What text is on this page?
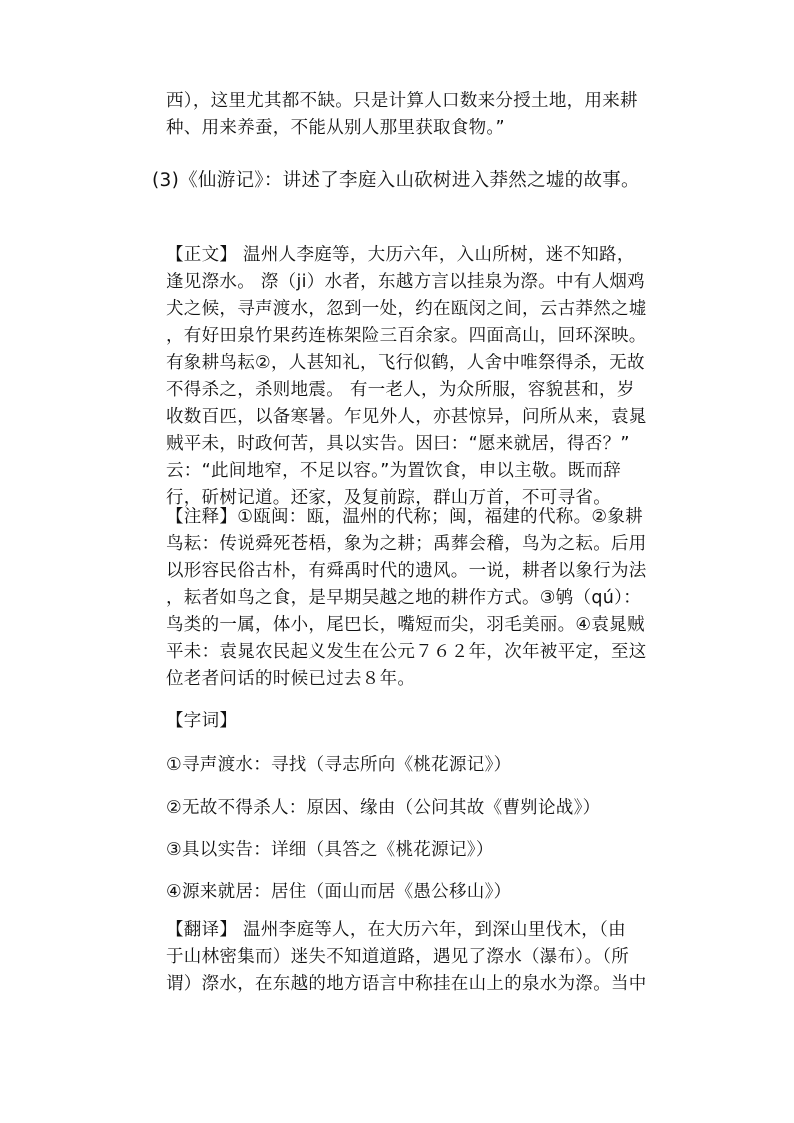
西），这里尤其都不缺。只是计算人口数来分授土地，用来耕
种、用来养蚕，不能从别人那里获取食物。”
(3)《仙游记》：讲述了李庭入山砍树进入莽然之墟的故事。
【正文】 温州人李庭等，大历六年，入山所树，迷不知路，
逢见漈水。 漈（ji）水者，东越方言以挂泉为漈。中有人烟鸡
犬之候，寻声渡水，忽到一处，约在瓯闵之间，云古莽然之墟
，有好田泉竹果药连栋架险三百余家。四面高山，回环深映。
有象耕鸟耘②，人甚知礼，飞行似鹤，人舍中唯祭得杀，无故
不得杀之，杀则地震。 有一老人，为众所服，容貌甚和，岁
收数百匹，以备寒暑。乍见外人，亦甚惊异，问所从来，袁晁
贼平未，时政何苦，具以实告。因曰：“愿来就居，得否？”
云：“此间地窄，不足以容。”为置饮食，申以主敬。既而辞
行，斫树记道。还家，及复前踪，群山万首，不可寻省。
【注释】①瓯闽：瓯，温州的代称；闽，福建的代称。②象耕
鸟耘：传说舜死苍梧，象为之耕；禹葬会稽，鸟为之耘。后用
以形容民俗古朴，有舜禹时代的遗风。一说，耕者以象行为法
，耘者如鸟之食，是早期吴越之地的耕作方式。③鸲（qú）：
鸟类的一属，体小，尾巴长，嘴短而尖，羽毛美丽。④袁晁贼
平未：袁晁农民起义发生在公元７６２年，次年被平定，至这
位老者问话的时候已过去８年。
【字词】
①寻声渡水：寻找（寻志所向《桃花源记》）
②无故不得杀人：原因、缘由（公问其故《曹刿论战》）
③具以实告：详细（具答之《桃花源记》）
④源来就居：居住（面山而居《愚公移山》）
【翻译】 温州李庭等人，在大历六年，到深山里伐木，（由
于山林密集而）迷失不知道道路，遇见了漈水（瀑布）。（所
谓）漈水，在东越的地方语言中称挂在山上的泉水为漈。当中
